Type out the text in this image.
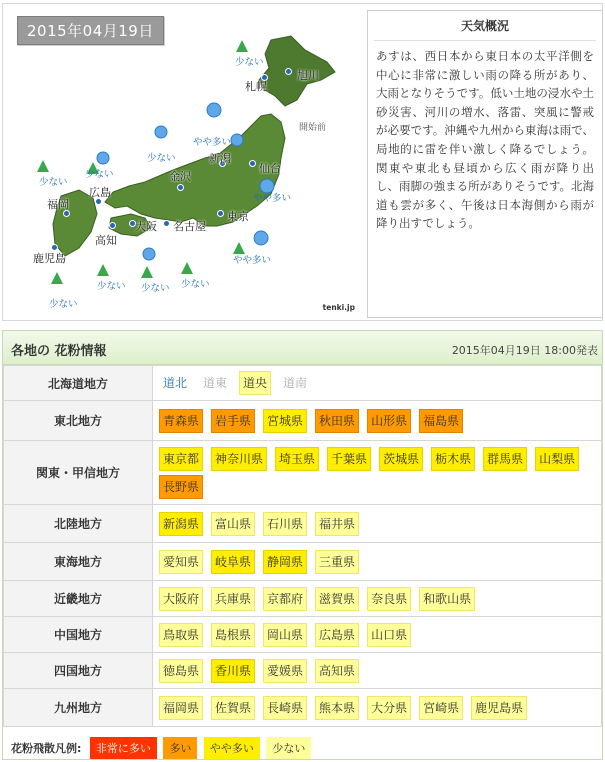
2015年04月19日
旭川
札幌
開始前
仙台
新潟
金沢
東京
名古屋
大阪
広島
高知
福岡
鹿児島
少ない
少ない
やや多い
少ない
少ない
少ない
やや多い
やや多い
少ない 少ない 少ない
tenki.jp
天気概況

あすは、西日本から東日本の太平洋側を中心に非常に激しい雨の降る所があり、大雨となりそうです。低い土地の浸水や土砂災害、河川の増水、落雷、突風に警戒が必要です。沖縄や九州から東海は雨で、局地的に雷を伴い激しく降るでしょう。関東や東北も昼頃から広く雨が降り出し、雨脚の強まる所がありそうです。北海道も雲が多く、午後は日本海側から雨が降り出すでしょう。

各地の 花粉情報	2015年04月19日 18:00発表
北海道地方	道北 道東 道央 道南
東北地方	青森県 岩手県 宮城県 秋田県 山形県 福島県
関東・甲信地方	東京都 神奈川県 埼玉県 千葉県 茨城県 栃木県 群馬県 山梨県長野県
北陸地方	新潟県 富山県 石川県 福井県
東海地方	愛知県 岐阜県 静岡県 三重県
近畿地方	大阪府 兵庫県 京都府 滋賀県 奈良県 和歌山県
中国地方	鳥取県 島根県 岡山県 広島県 山口県
四国地方	徳島県 香川県 愛媛県 高知県
九州地方	福岡県 佐賀県 長崎県 熊本県 大分県 宮崎県 鹿児島県
花粉飛散凡例: 非常に多い 多い やや多い 少ない
